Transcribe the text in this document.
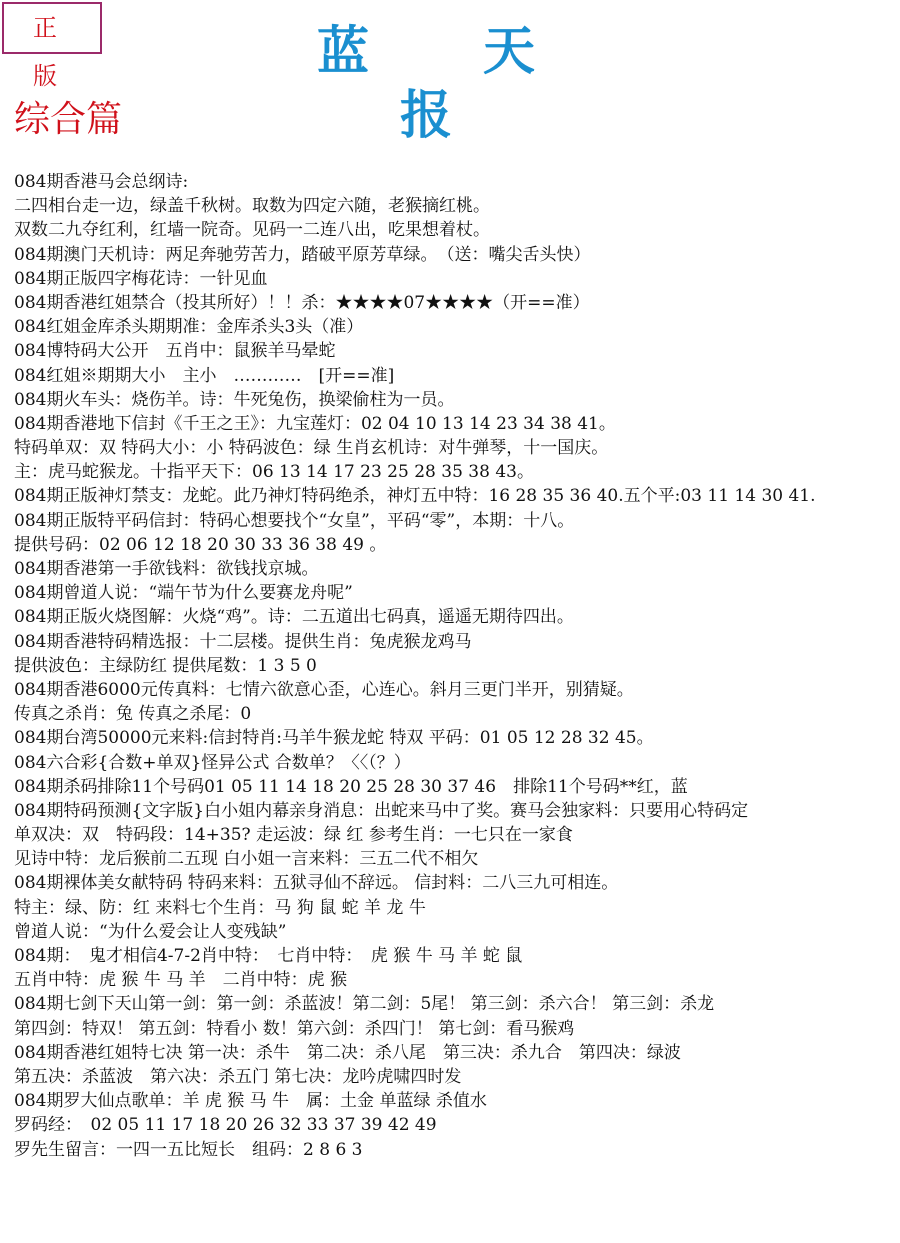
正 版	蓝 天 报
综合篇
084期香港马会总纲诗:
二四相台走一边，绿盖千秋树。取数为四定六随，老猴摘红桃。
双数二九夺红利，红墙一院奇。见码一二连八出，吃果想着杖。
084期澳门天机诗：两足奔驰劳苦力，踏破平原芳草绿。　（送：嘴尖舌头快）
084期正版四字梅花诗：一针见血
084期香港红姐禁合（投其所好）！！杀：★★★★07★★★★（开==准）
084红姐金库杀头期期准：金库杀头3头（准）
084博特码大公开　五肖中：鼠猴羊马晕蛇
084红姐※期期大小　主小　…………　[开==准]
084期火车头：烧伤羊。诗：牛死兔伤，换梁偷柱为一员。
084期香港地下信封《千王之王》：九宝莲灯：02 04 10 13 14 23 34 38 41。
特码单双：双 特码大小：小 特码波色：绿 生肖玄机诗：对牛弹琴，十一国庆。
主：虎马蛇猴龙。十指平天下：06 13 14 17 23 25 28 35 38 43。
084期正版神灯禁支：龙蛇。此乃神灯特码绝杀，神灯五中特：16 28 35 36 40.五个平:03 11 14 30 41.
084期正版特平码信封：特码心想要找个“女皇”，平码“零”，本期：十八。
提供号码：02 06 12 18 20 30 33 36 38 49 。
084期香港第一手欲钱料：欲钱找京城。
084期曾道人说：“端午节为什么要赛龙舟呢”
084期正版火烧图解：火烧“鸡”。诗：二五道出七码真，遥遥无期待四出。
084期香港特码精选报：十二层楼。提供生肖：兔虎猴龙鸡马
提供波色：主绿防红 提供尾数：1 3 5 0
084期香港6000元传真料：七情六欲意心歪，心连心。斜月三更门半开，别猜疑。
传真之杀肖：兔 传真之杀尾：0
084期台湾50000元来料:信封特肖:马羊牛猴龙蛇 特双 平码：01 05 12 28 32 45。
084六合彩{合数+单双}怪异公式 合数单？〈〈（？）
084期杀码排除11个号码01 05 11 14 18 20 25 28 30 37 46　排除11个号码**红，蓝
084期特码预测{文字版}白小姐内幕亲身消息：出蛇来马中了奖。赛马会独家料：只要用心特码定
单双决：双　特码段：14+35? 走运波：绿 红 参考生肖：一七只在一家食
见诗中特：龙后猴前二五现 白小姐一言来料：三五二代不相欠
084期裸体美女献特码 特码来料：五狱寻仙不辞远。 信封料：二八三九可相连。
特主：绿、防：红 来料七个生肖：马 狗 鼠 蛇 羊 龙 牛
曾道人说：“为什么爱会让人变残缺”
084期：　鬼才相信4-7-2肖中特：　七肖中特：　虎 猴 牛 马 羊 蛇 鼠
五肖中特：虎 猴 牛 马 羊　二肖中特：虎 猴
084期七剑下天山第一剑：第一剑：杀蓝波！第二剑：5尾！ 第三剑：杀六合！ 第三剑：杀龙
第四剑：特双！ 第五剑：特看小 数！第六剑：杀四门！ 第七剑：看马猴鸡
084期香港红姐特七决 第一决：杀牛　第二决：杀八尾　第三决：杀九合　第四决：绿波
第五决：杀蓝波　第六决：杀五门 第七决：龙吟虎啸四时发
084期罗大仙点歌单：羊 虎 猴 马 牛　属：土金 单蓝绿 杀值水
罗码经：　02 05 11 17 18 20 26 32 33 37 39 42 49
罗先生留言：一四一五比短长　组码：2 8 6 3
